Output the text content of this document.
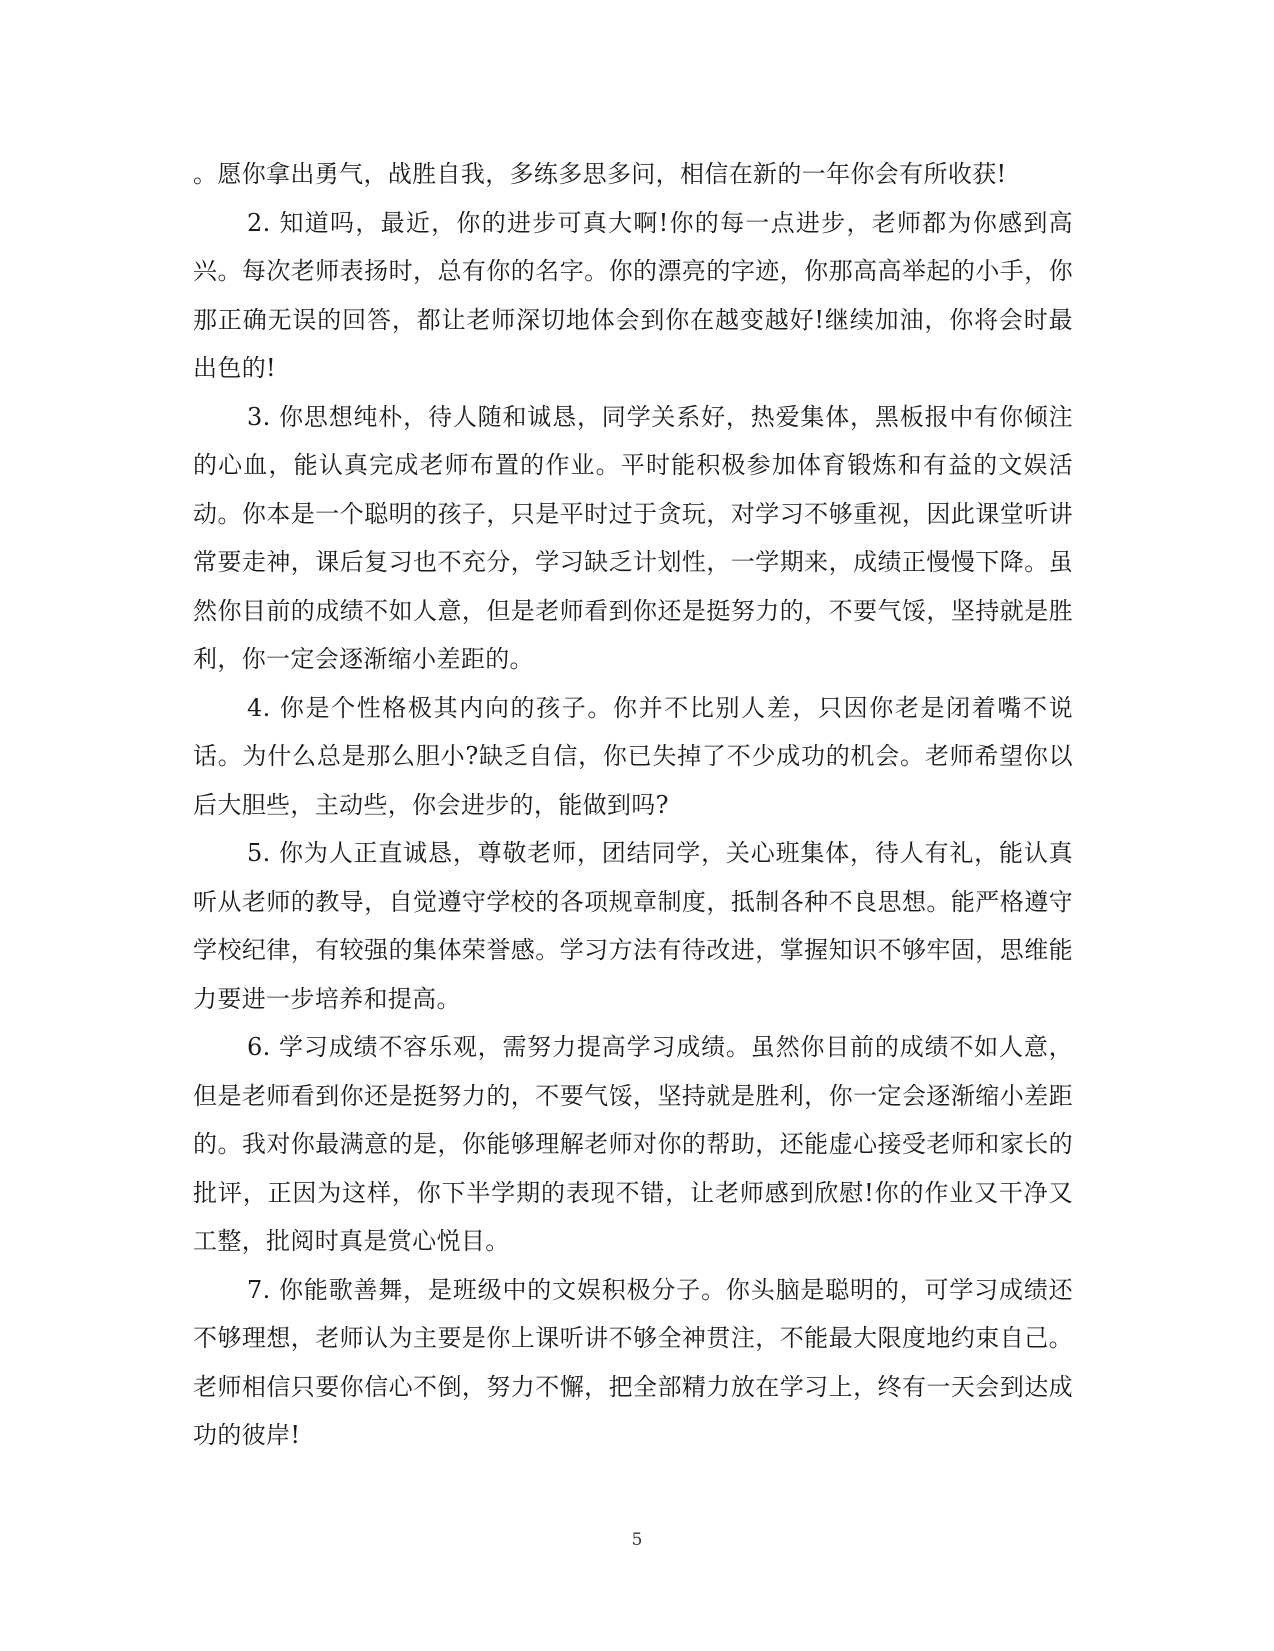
。愿你拿出勇气，战胜自我，多练多思多问，相信在新的一年你会有所收获!

2. 知道吗，最近，你的进步可真大啊!你的每一点进步，老师都为你感到高兴。每次老师表扬时，总有你的名字。你的漂亮的字迹，你那高高举起的小手，你那正确无误的回答，都让老师深切地体会到你在越变越好!继续加油，你将会时最出色的!

3. 你思想纯朴，待人随和诚恳，同学关系好，热爱集体，黑板报中有你倾注的心血，能认真完成老师布置的作业。平时能积极参加体育锻炼和有益的文娱活动。你本是一个聪明的孩子，只是平时过于贪玩，对学习不够重视，因此课堂听讲常要走神，课后复习也不充分，学习缺乏计划性，一学期来，成绩正慢慢下降。虽然你目前的成绩不如人意，但是老师看到你还是挺努力的，不要气馁，坚持就是胜利，你一定会逐渐缩小差距的。

4. 你是个性格极其内向的孩子。你并不比别人差，只因你老是闭着嘴不说话。为什么总是那么胆小?缺乏自信，你已失掉了不少成功的机会。老师希望你以后大胆些，主动些，你会进步的，能做到吗?

5. 你为人正直诚恳，尊敬老师，团结同学，关心班集体，待人有礼，能认真听从老师的教导，自觉遵守学校的各项规章制度，抵制各种不良思想。能严格遵守学校纪律，有较强的集体荣誉感。学习方法有待改进，掌握知识不够牢固，思维能力要进一步培养和提高。

6. 学习成绩不容乐观，需努力提高学习成绩。虽然你目前的成绩不如人意，但是老师看到你还是挺努力的，不要气馁，坚持就是胜利，你一定会逐渐缩小差距的。我对你最满意的是，你能够理解老师对你的帮助，还能虚心接受老师和家长的批评，正因为这样，你下半学期的表现不错，让老师感到欣慰!你的作业又干净又工整，批阅时真是赏心悦目。

7. 你能歌善舞，是班级中的文娱积极分子。你头脑是聪明的，可学习成绩还不够理想，老师认为主要是你上课听讲不够全神贯注，不能最大限度地约束自己。老师相信只要你信心不倒，努力不懈，把全部精力放在学习上，终有一天会到达成功的彼岸!

5
